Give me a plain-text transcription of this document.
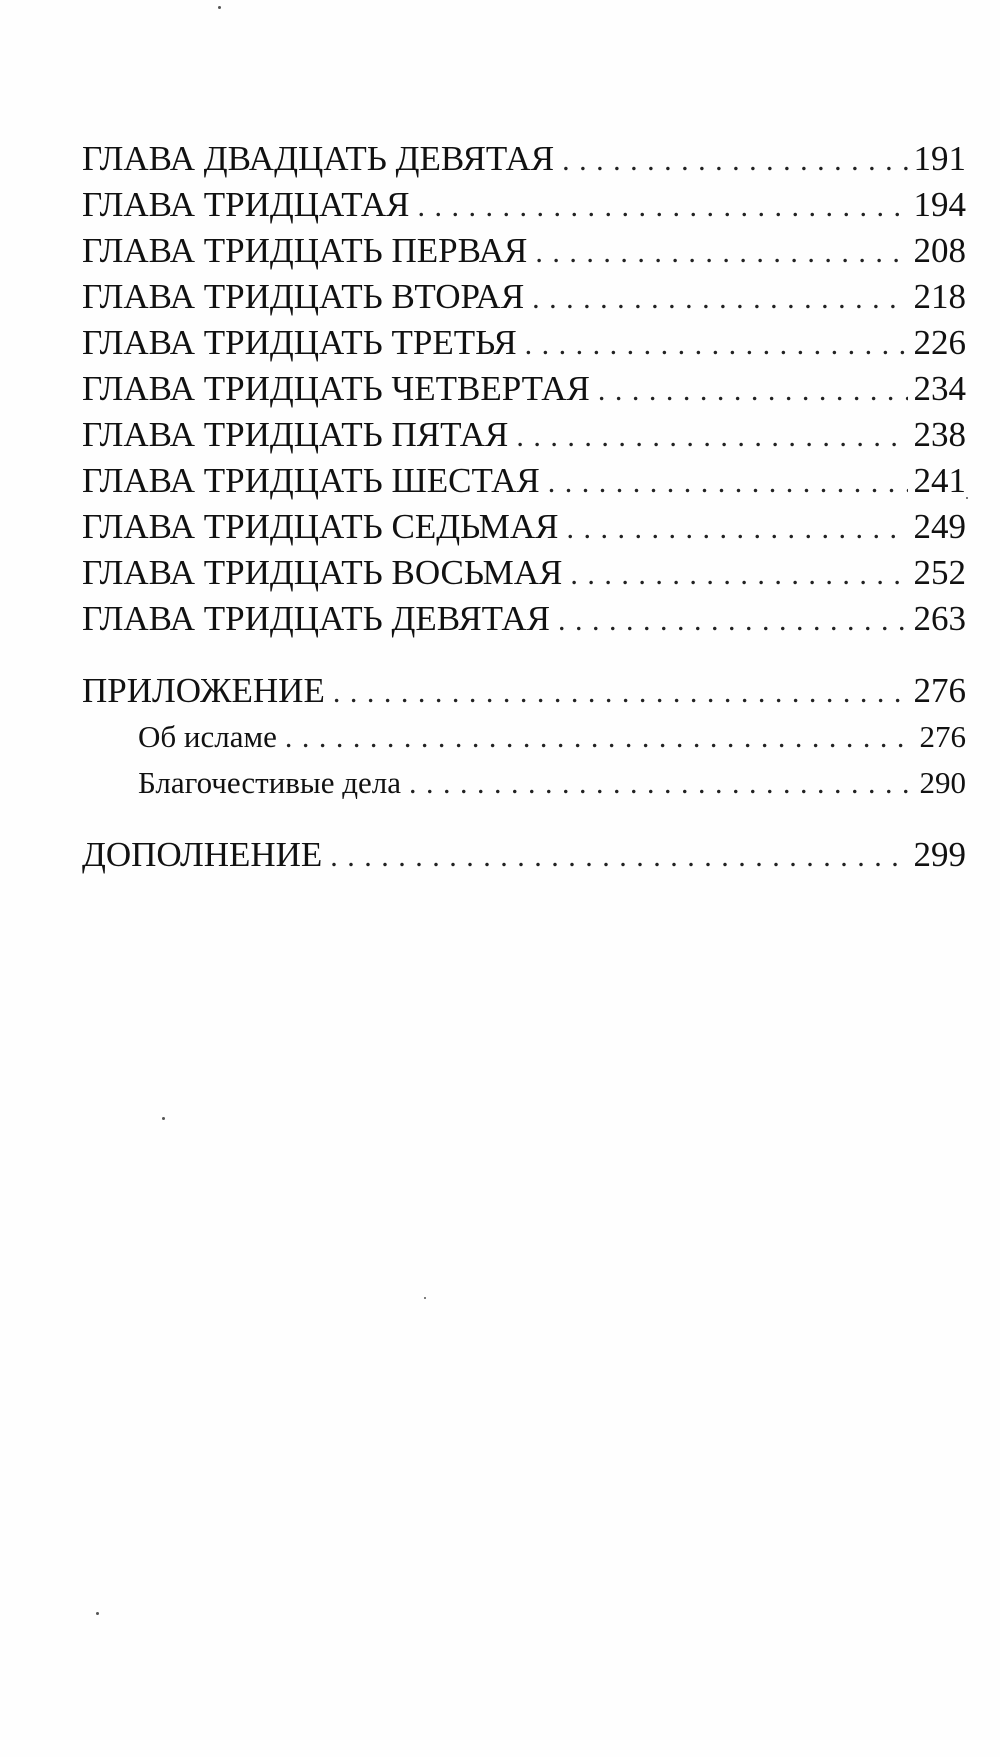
ГЛАВА ДВАДЦАТЬ ДЕВЯТАЯ . . .	191
ГЛАВА ТРИДЦАТАЯ . . .	194
ГЛАВА ТРИДЦАТЬ ПЕРВАЯ . . .	208
ГЛАВА ТРИДЦАТЬ ВТОРАЯ . . .	218
ГЛАВА ТРИДЦАТЬ ТРЕТЬЯ . . .	226
ГЛАВА ТРИДЦАТЬ ЧЕТВЕРТАЯ . . .	234
ГЛАВА ТРИДЦАТЬ ПЯТАЯ . . .	238
ГЛАВА ТРИДЦАТЬ ШЕСТАЯ . . .	241
ГЛАВА ТРИДЦАТЬ СЕДЬМАЯ . . .	249
ГЛАВА ТРИДЦАТЬ ВОСЬМАЯ . . .	252
ГЛАВА ТРИДЦАТЬ ДЕВЯТАЯ . . .	263
ПРИЛОЖЕНИЕ . . .	276
Об исламе . . .	276
Благочестивые дела . . .	290
ДОПОЛНЕНИЕ . . .	299
